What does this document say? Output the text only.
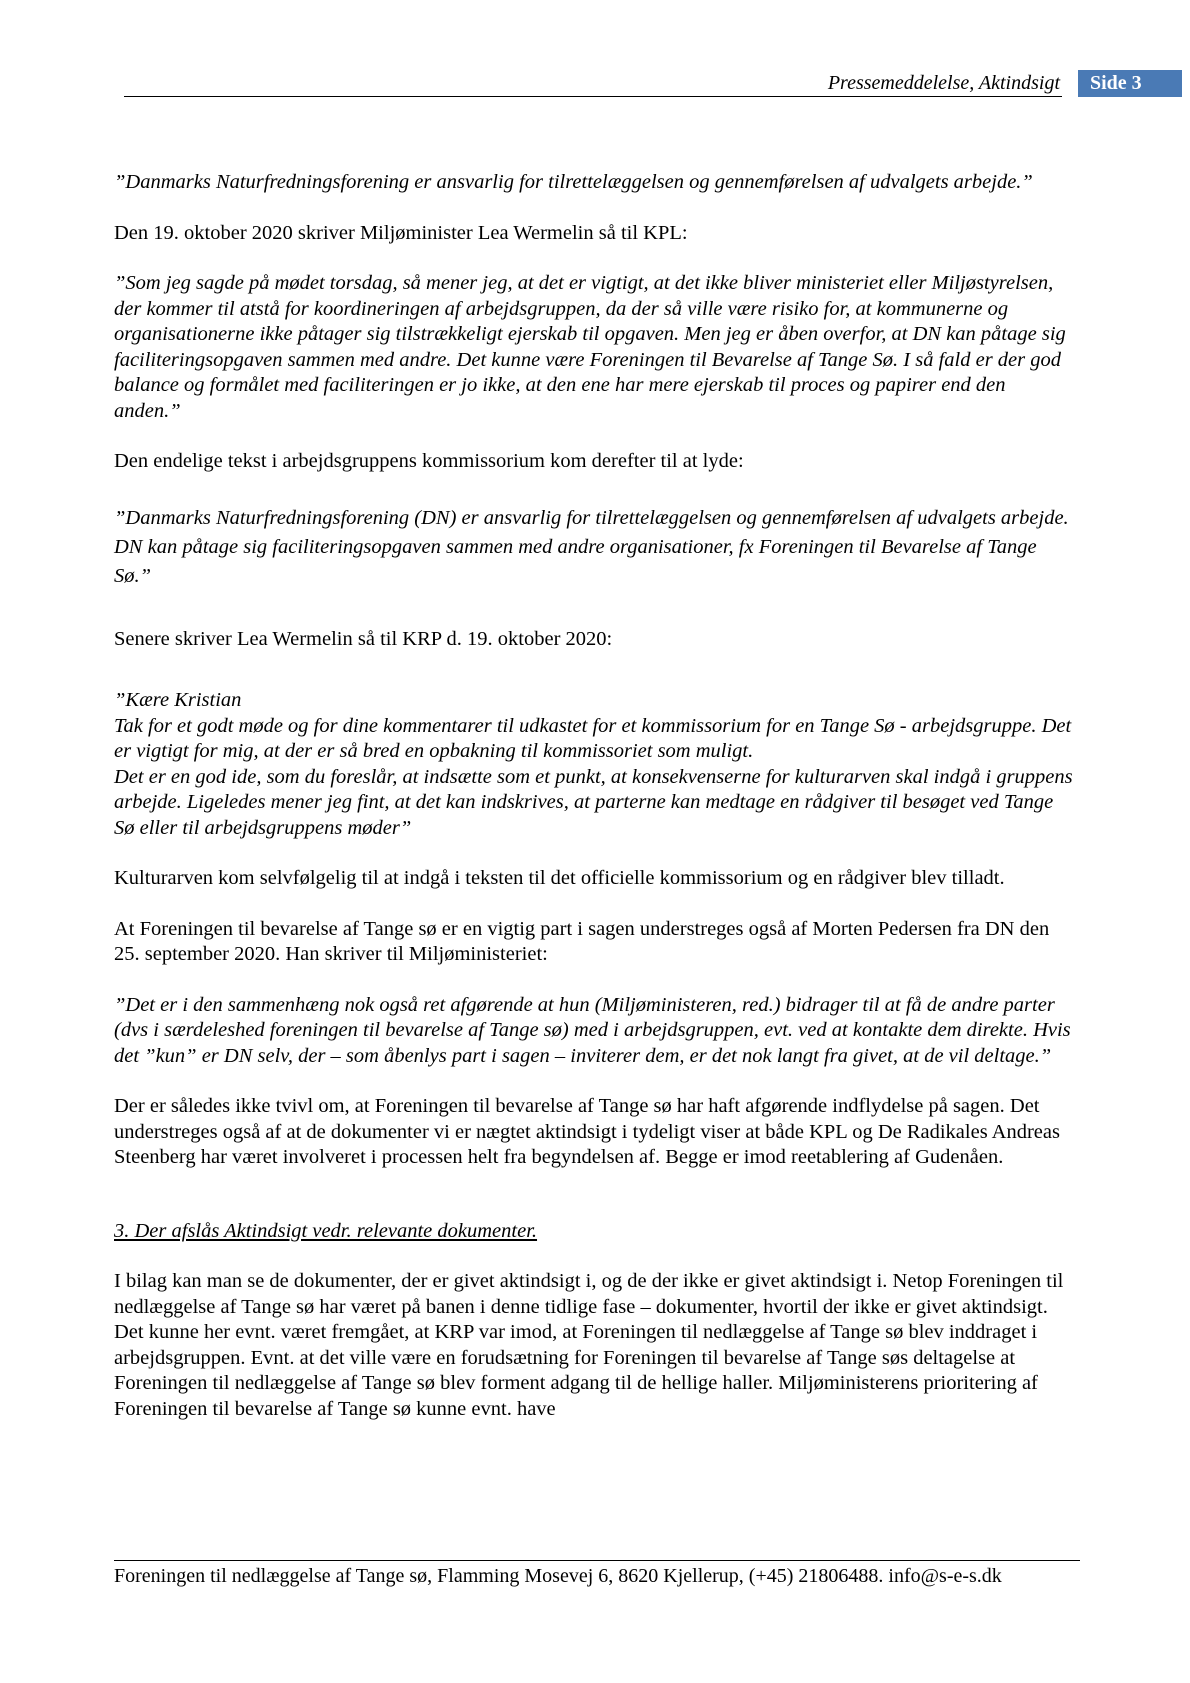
Pressemeddelelse, Aktindsigt	Side 3

”Danmarks Naturfredningsforening er ansvarlig for tilrettelæggelsen og gennemførelsen af udvalgets arbejde.”

Den 19. oktober 2020 skriver Miljøminister Lea Wermelin så til KPL:

”Som jeg sagde på mødet torsdag, så mener jeg, at det er vigtigt, at det ikke bliver ministeriet eller Miljøstyrelsen, der kommer til atstå for koordineringen af arbejdsgruppen, da der så ville være risiko for, at kommunerne og organisationerne ikke påtager sig tilstrækkeligt ejerskab til opgaven. Men jeg er åben overfor, at DN kan påtage sig faciliteringsopgaven sammen med andre. Det kunne være Foreningen til Bevarelse af Tange Sø. I så fald er der god balance og formålet med faciliteringen er jo ikke, at den ene har mere ejerskab til proces og papirer end den anden.”

Den endelige tekst i arbejdsgruppens kommissorium kom derefter til at lyde:

”Danmarks Naturfredningsforening (DN) er ansvarlig for tilrettelæggelsen og gennemførelsen af udvalgets arbejde. DN kan påtage sig faciliteringsopgaven sammen med andre organisationer, fx Foreningen til Bevarelse af Tange Sø.”

Senere skriver Lea Wermelin så til KRP d. 19. oktober 2020:

”Kære Kristian

Tak for et godt møde og for dine kommentarer til udkastet for et kommissorium for en Tange Sø - arbejdsgruppe. Det er vigtigt for mig, at der er så bred en opbakning til kommissoriet som muligt.

Det er en god ide, som du foreslår, at indsætte som et punkt, at konsekvenserne for kulturarven skal indgå i gruppens arbejde. Ligeledes mener jeg fint, at det kan indskrives, at parterne kan medtage en rådgiver til besøget ved Tange Sø eller til arbejdsgruppens møder”

Kulturarven kom selvfølgelig til at indgå i teksten til det officielle kommissorium og en rådgiver blev tilladt.

At Foreningen til bevarelse af Tange sø er en vigtig part i sagen understreges også af Morten Pedersen fra DN den 25. september 2020. Han skriver til Miljøministeriet:

”Det er i den sammenhæng nok også ret afgørende at hun (Miljøministeren, red.) bidrager til at få de andre parter (dvs i særdeleshed foreningen til bevarelse af Tange sø) med i arbejdsgruppen, evt. ved at kontakte dem direkte. Hvis det ”kun” er DN selv, der – som åbenlys part i sagen – inviterer dem, er det nok langt fra givet, at de vil deltage.”

Der er således ikke tvivl om, at Foreningen til bevarelse af Tange sø har haft afgørende indflydelse på sagen. Det understreges også af at de dokumenter vi er nægtet aktindsigt i tydeligt viser at både KPL og De Radikales Andreas Steenberg har været involveret i processen helt fra begyndelsen af. Begge er imod reetablering af Gudenåen.

3. Der afslås Aktindsigt vedr. relevante dokumenter.

I bilag kan man se de dokumenter, der er givet aktindsigt i, og de der ikke er givet aktindsigt i. Netop Foreningen til nedlæggelse af Tange sø har været på banen i denne tidlige fase – dokumenter, hvortil der ikke er givet aktindsigt. Det kunne her evnt. været fremgået, at KRP var imod, at Foreningen til nedlæggelse af Tange sø blev inddraget i arbejdsgruppen. Evnt. at det ville være en forudsætning for Foreningen til bevarelse af Tange søs deltagelse at Foreningen til nedlæggelse af Tange sø blev forment adgang til de hellige haller. Miljøministerens prioritering af Foreningen til bevarelse af Tange sø kunne evnt. have

Foreningen til nedlæggelse af Tange sø, Flamming Mosevej 6, 8620 Kjellerup, (+45) 21806488. info@s-e-s.dk
